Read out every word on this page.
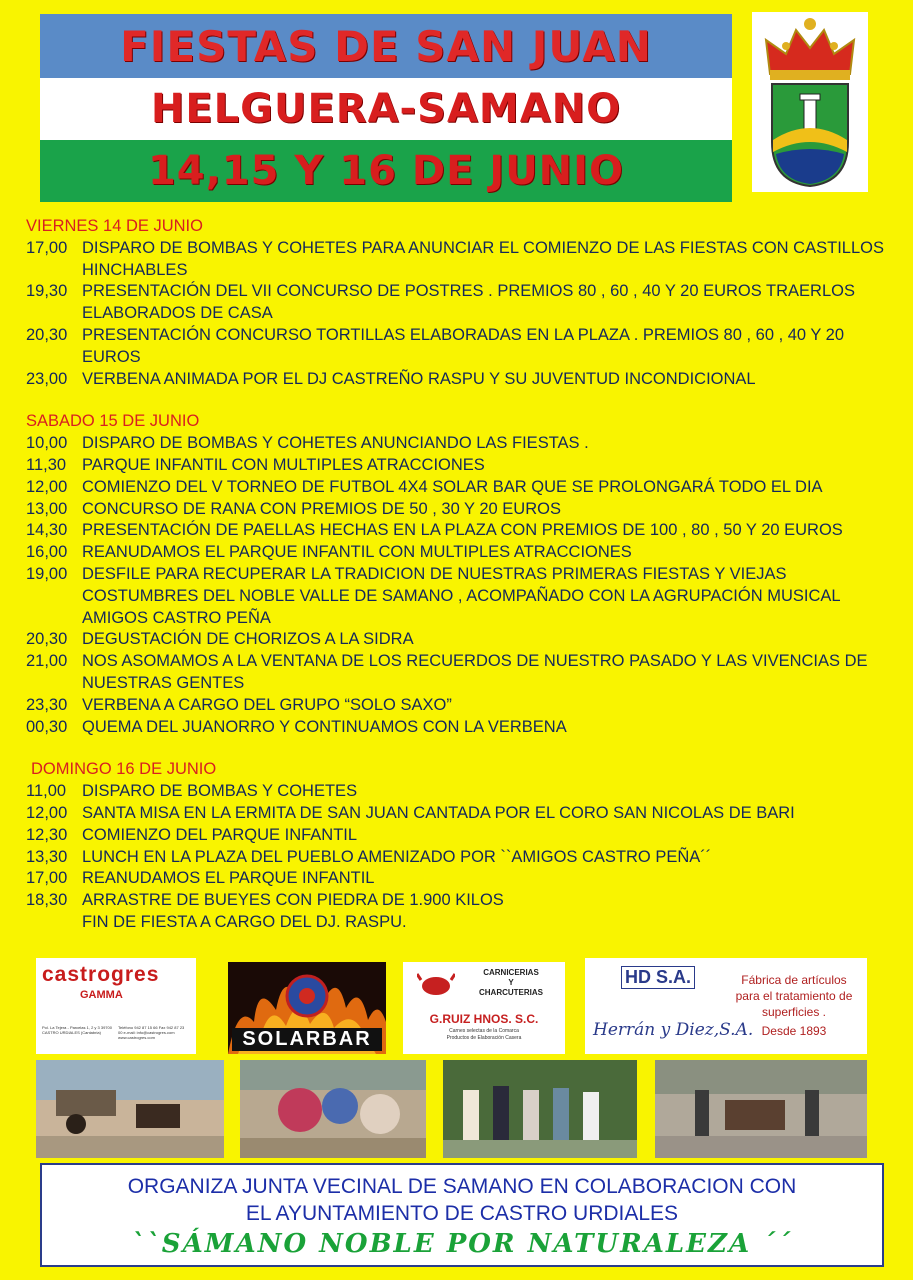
FIESTAS DE SAN JUAN
HELGUERA-SAMANO
14,15 Y 16 DE JUNIO
VIERNES 14 DE JUNIO
17,00 DISPARO DE BOMBAS Y COHETES PARA ANUNCIAR EL COMIENZO DE LAS FIESTAS CON CASTILLOS HINCHABLES
19,30 PRESENTACIÓN DEL VII CONCURSO DE POSTRES . PREMIOS 80 , 60 , 40 Y 20 EUROS TRAERLOS ELABORADOS DE CASA
20,30 PRESENTACIÓN CONCURSO TORTILLAS ELABORADAS EN LA PLAZA . PREMIOS 80 , 60 , 40 Y 20 EUROS
23,00 VERBENA ANIMADA POR EL DJ CASTREÑO RASPU Y SU JUVENTUD INCONDICIONAL
SABADO 15 DE JUNIO
10,00 DISPARO DE BOMBAS Y COHETES ANUNCIANDO LAS FIESTAS .
11,30 PARQUE INFANTIL CON MULTIPLES ATRACCIONES
12,00 COMIENZO DEL V TORNEO DE FUTBOL 4X4 SOLAR BAR QUE SE PROLONGARÁ TODO EL DIA
13,00 CONCURSO DE RANA CON PREMIOS DE 50 , 30 Y 20 EUROS
14,30 PRESENTACIÓN DE PAELLAS HECHAS EN LA PLAZA CON PREMIOS DE 100 , 80 , 50 Y 20 EUROS
16,00 REANUDAMOS EL PARQUE INFANTIL CON MULTIPLES ATRACCIONES
19,00 DESFILE PARA RECUPERAR LA TRADICION DE NUESTRAS PRIMERAS FIESTAS Y VIEJAS COSTUMBRES DEL NOBLE VALLE DE SAMANO , ACOMPAÑADO CON LA AGRUPACIÓN MUSICAL AMIGOS CASTRO PEÑA
20,30 DEGUSTACIÓN DE CHORIZOS A LA SIDRA
21,00 NOS ASOMAMOS A LA VENTANA DE LOS RECUERDOS DE NUESTRO PASADO Y LAS VIVENCIAS DE NUESTRAS GENTES
23,30 VERBENA A CARGO DEL GRUPO “SOLO SAXO”
00,30 QUEMA DEL JUANORRO Y CONTINUAMOS CON LA VERBENA
DOMINGO 16 DE JUNIO
11,00 DISPARO DE BOMBAS Y COHETES
12,00 SANTA MISA EN LA ERMITA DE SAN JUAN CANTADA POR EL CORO SAN NICOLAS DE BARI
12,30 COMIENZO DEL PARQUE INFANTIL
13,30 LUNCH EN LA PLAZA DEL PUEBLO AMENIZADO POR ``AMIGOS CASTRO PEÑA´´
17,00 REANUDAMOS EL PARQUE INFANTIL
18,30 ARRASTRE DE BUEYES CON PIEDRA DE 1.900 KILOS
FIN DE FIESTA A CARGO DEL DJ. RASPU.
castrogres
GAMMA
Pol. La Tejera - Parcelas 1, 2 y 3 39700 CASTRO URDIALES (Cantabria)
Teléfono 942 87 15 66 Fax 942 87 23 00 e-mail: info@castrogres.com www.castrogres.com	SOLARBAR
CARNICERIAS
Y
CHARCUTERIAS
G.RUIZ HNOS. S.C.
Carnes selectas de la Comarca
Productos de Elaboración Casera
HD S.A.
Herrán y Diez,S.A.
Fábrica de artículos para el tratamiento de superficies .
Desde 1893
ORGANIZA JUNTA VECINAL DE SAMANO EN COLABORACION CON
EL AYUNTAMIENTO DE CASTRO URDIALES
``SÁMANO NOBLE POR NATURALEZA ´´
